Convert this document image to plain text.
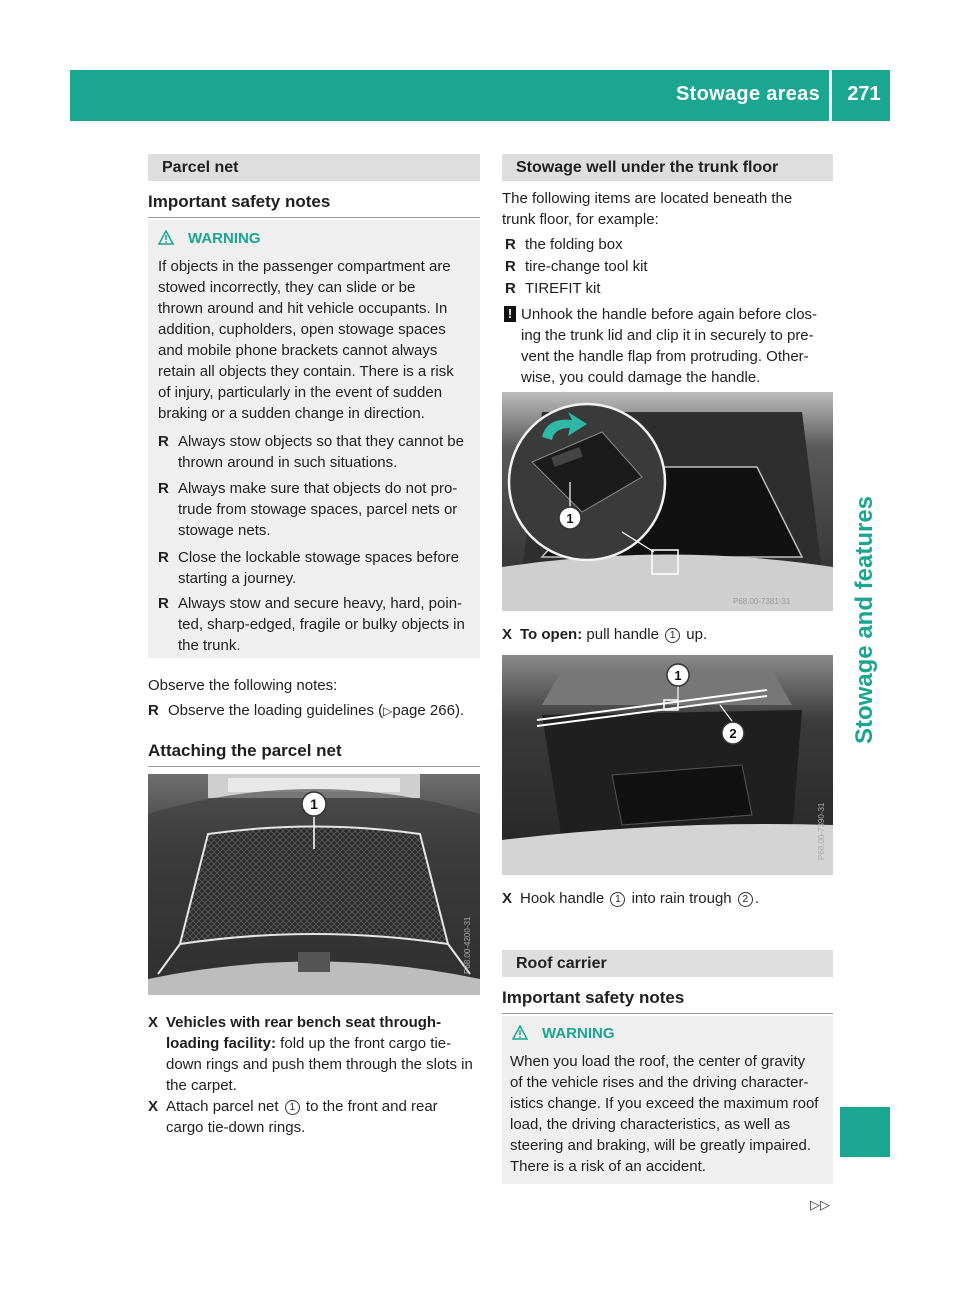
Stowage areas	271
Stowage and features
Parcel net
Important safety notes
WARNING
If objects in the passenger compartment are
stowed incorrectly, they can slide or be
thrown around and hit vehicle occupants. In
addition, cupholders, open stowage spaces
and mobile phone brackets cannot always
retain all objects they contain. There is a risk
of injury, particularly in the event of sudden
braking or a sudden change in direction.
R Always stow objects so that they cannot be
thrown around in such situations.
R Always make sure that objects do not pro-
trude from stowage spaces, parcel nets or
stowage nets.
R Close the lockable stowage spaces before
starting a journey.
R Always stow and secure heavy, hard, poin-
ted, sharp-edged, fragile or bulky objects in
the trunk.
Observe the following notes:
R Observe the loading guidelines (▷page 266).
Attaching the parcel net
1
P68.00-4200-31
X Vehicles with rear bench seat through-
loading facility: fold up the front cargo tie-
down rings and push them through the slots in
the carpet.
X Attach parcel net 1 to the front and rear
cargo tie-down rings.
Stowage well under the trunk floor
The following items are located beneath the
trunk floor, for example:
R the folding box
R tire-change tool kit
R TIREFIT kit
! Unhook the handle before again before clos-
ing the trunk lid and clip it in securely to pre-
vent the handle flap from protruding. Other-
wise, you could damage the handle.
1
P68.00-7381-31
X To open: pull handle 1 up.
1
2
P68.00-7390-31
X Hook handle 1 into rain trough 2 .
Roof carrier
Important safety notes
WARNING
When you load the roof, the center of gravity
of the vehicle rises and the driving character-
istics change. If you exceed the maximum roof
load, the driving characteristics, as well as
steering and braking, will be greatly impaired.
There is a risk of an accident.
▷▷
